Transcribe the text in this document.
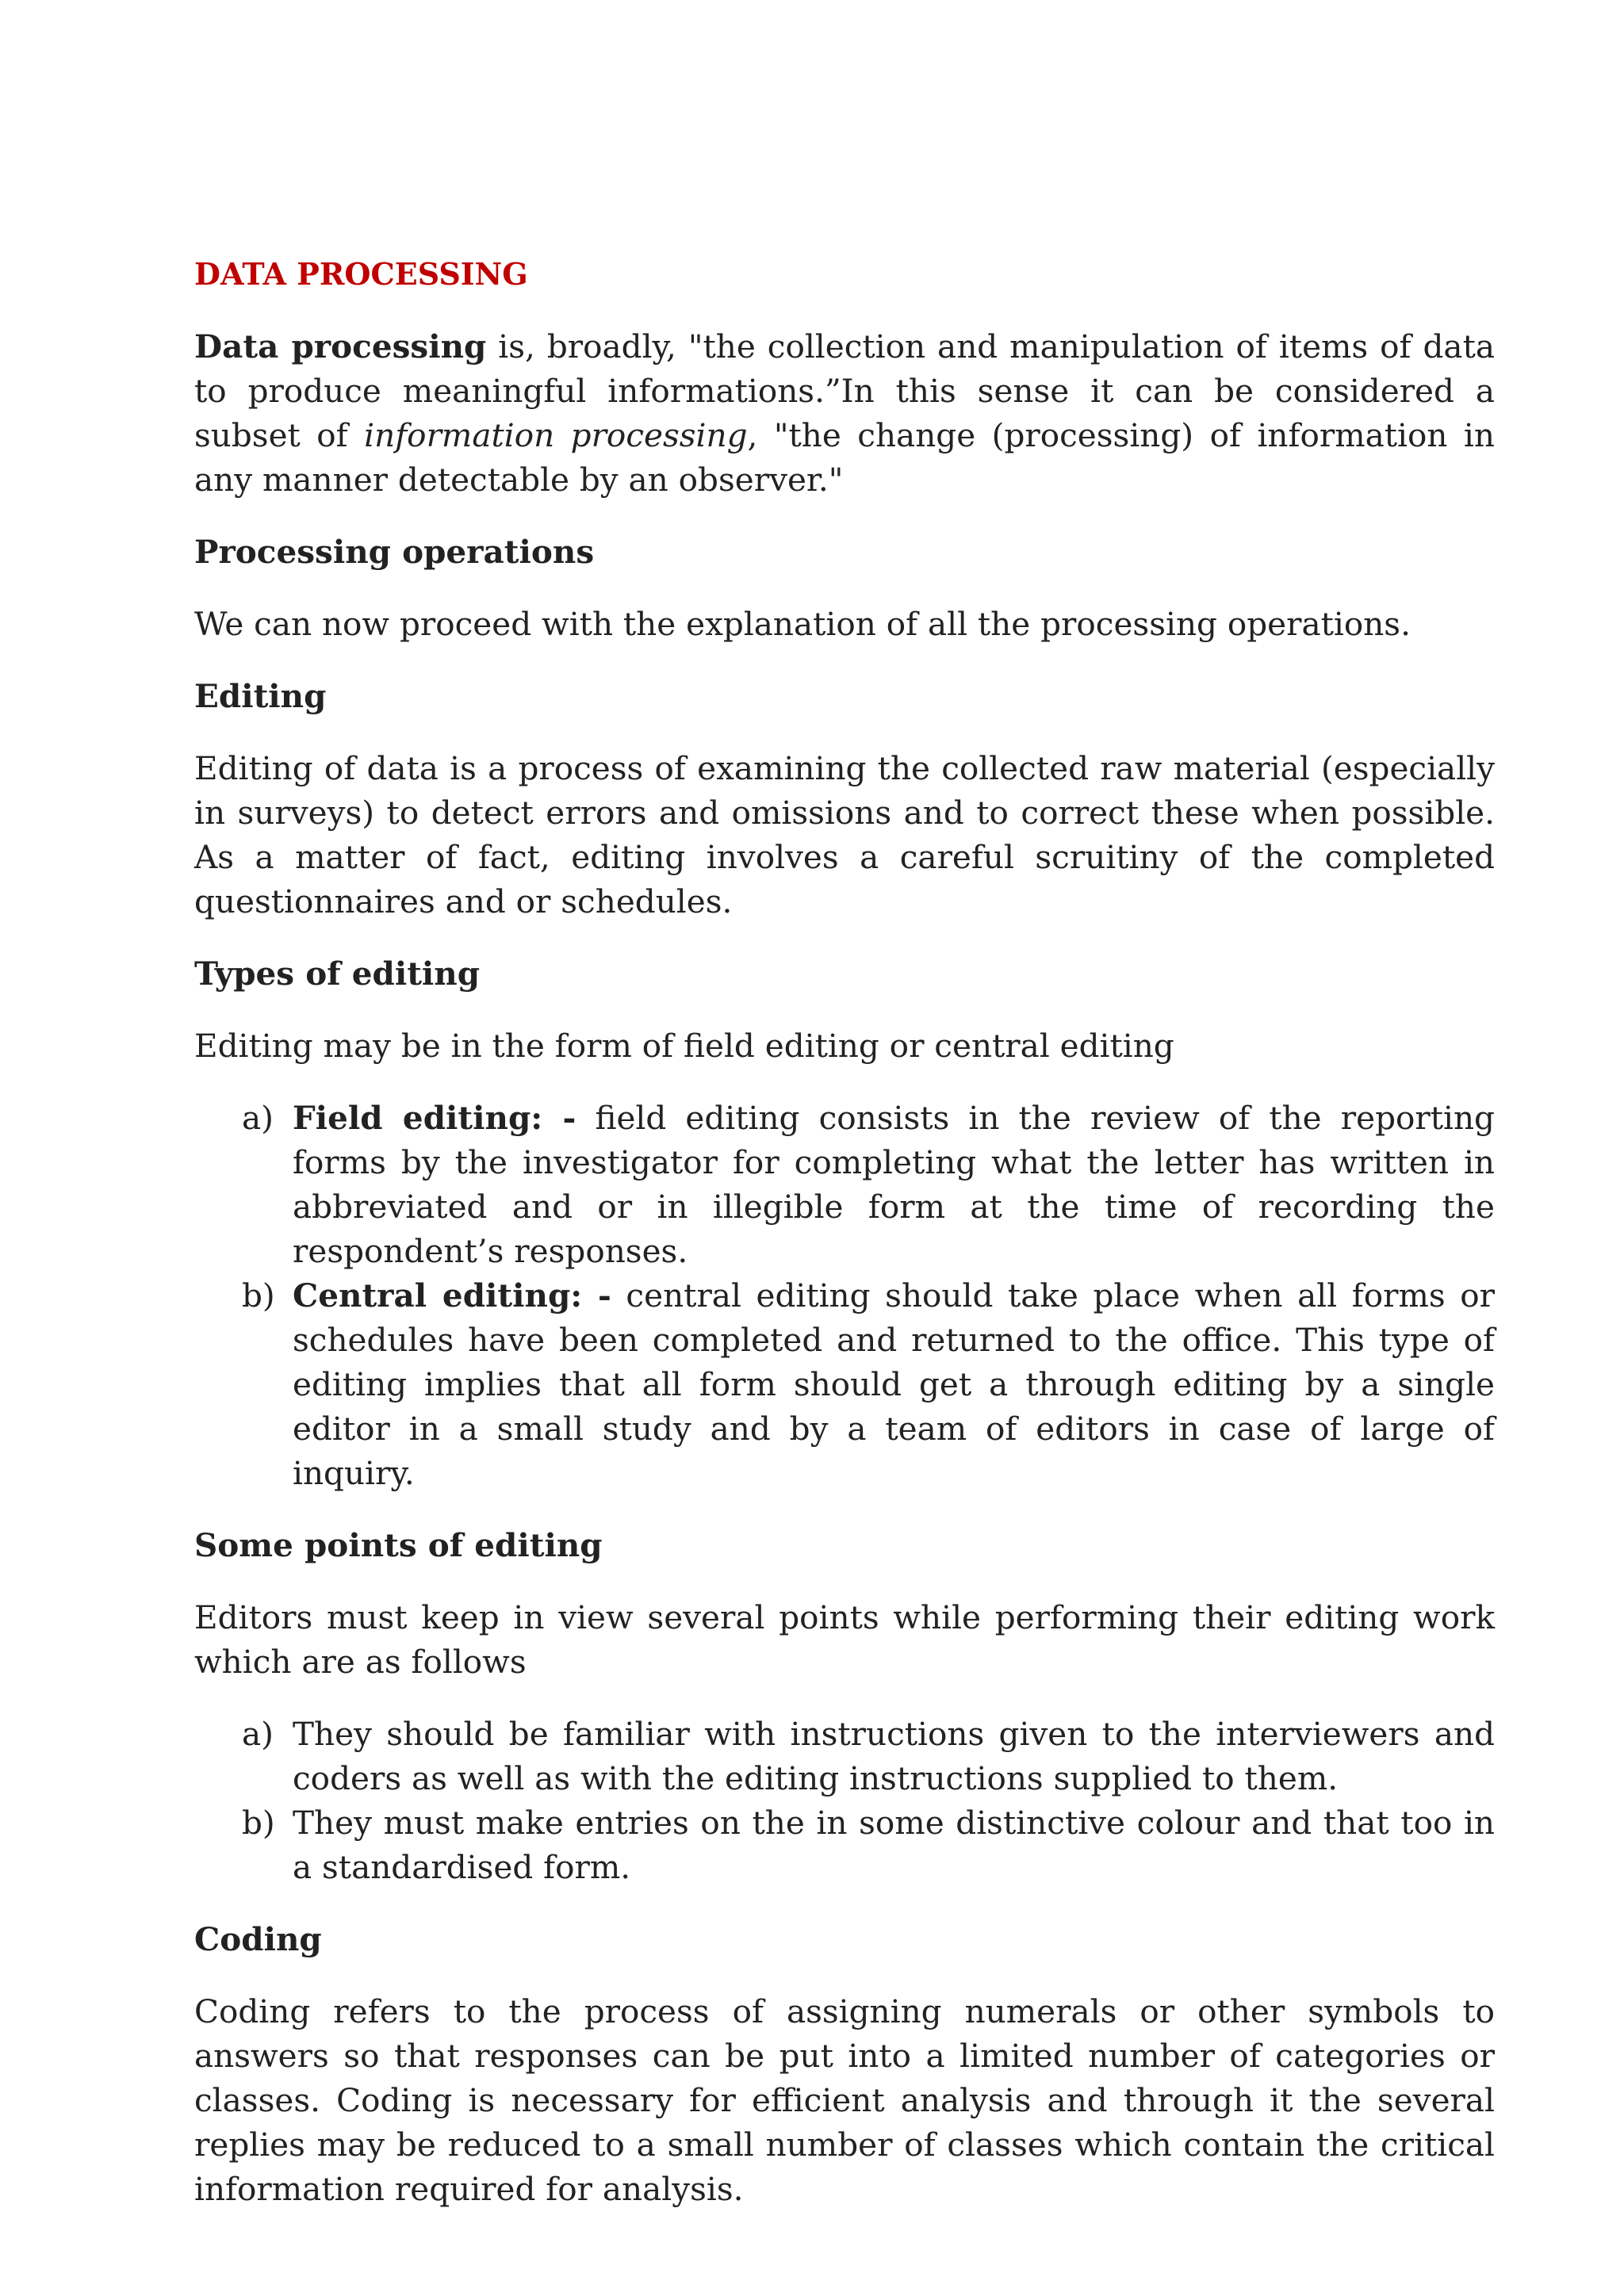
DATA PROCESSING

Data processing is, broadly, "the collection and manipulation of items of data to produce meaningful informations.”In this sense it can be considered a subset of information processing, "the change (processing) of information in any manner detectable by an observer."

Processing operations

We can now proceed with the explanation of all the processing operations.

Editing

Editing of data is a process of examining the collected raw material (especially in surveys) to detect errors and omissions and to correct these when possible. As a matter of fact, editing involves a careful scruitiny of the completed questionnaires and or schedules.

Types of editing

Editing may be in the form of field editing or central editing

a) Field editing: - field editing consists in the review of the reporting forms by the investigator for completing what the letter has written in abbreviated and or in illegible form at the time of recording the respondent’s responses.
b) Central editing: - central editing should take place when all forms or schedules have been completed and returned to the office. This type of editing implies that all form should get a through editing by a single editor in a small study and by a team of editors in case of large of inquiry.
Some points of editing

Editors must keep in view several points while performing their editing work which are as follows

a) They should be familiar with instructions given to the interviewers and coders as well as with the editing instructions supplied to them.
b) They must make entries on the in some distinctive colour and that too in a standardised form.
Coding

Coding refers to the process of assigning numerals or other symbols to answers so that responses can be put into a limited number of categories or classes. Coding is necessary for efficient analysis and through it the several replies may be reduced to a small number of classes which contain the critical information required for analysis.
